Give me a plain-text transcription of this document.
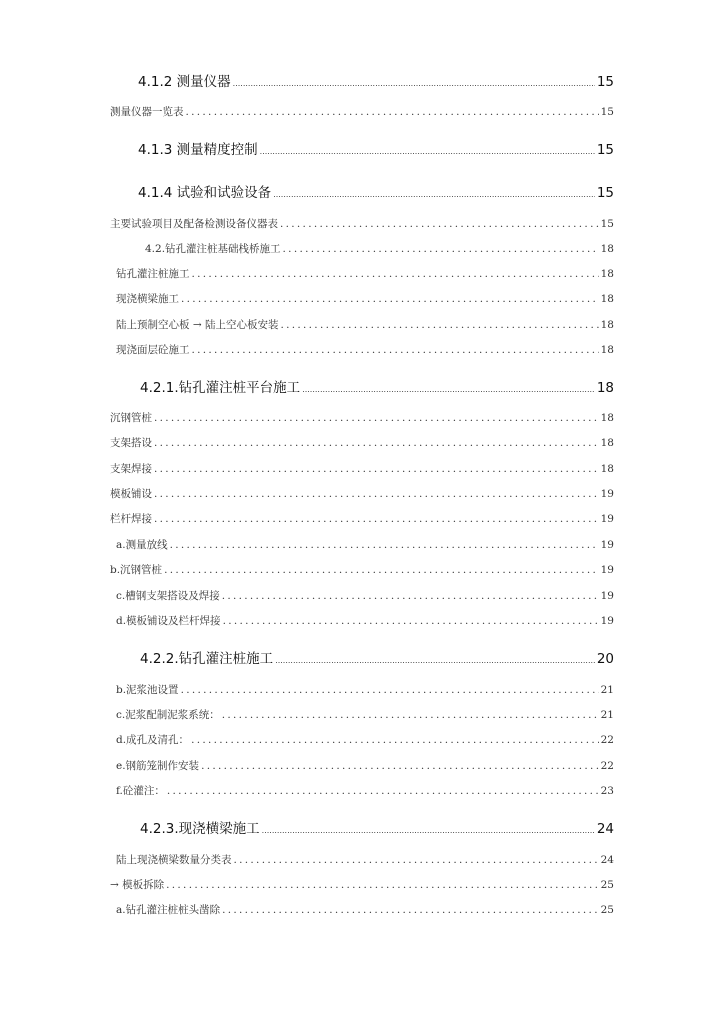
4.1.2 测量仪器 .....	15
测量仪器一览表 .....	15
4.1.3 测量精度控制 .....	15
4.1.4 试验和试验设备 .....	15
主要试验项目及配备检测设备仪器表 .....	15
4.2.钻孔灌注桩基础栈桥施工 .....	18
钻孔灌注桩施工 .....	18
现浇横梁施工 .....	18
陆上预制空心板 → 陆上空心板安装 .....	18
现浇面层砼施工 .....	18
4.2.1.钻孔灌注桩平台施工 .....	18
沉钢管桩 .....	18
支架搭设 .....	18
支架焊接 .....	18
模板铺设 .....	19
栏杆焊接 .....	19
a.测量放线 .....	19
b.沉钢管桩 .....	19
c.槽钢支架搭设及焊接 .....	19
d.模板铺设及栏杆焊接 .....	19
4.2.2.钻孔灌注桩施工 .....	20
b.泥浆池设置 .....	21
c.泥浆配制泥浆系统： .....	21
d.成孔及清孔： .....	22
e.钢筋笼制作安装 .....	22
f.砼灌注： .....	23
4.2.3.现浇横梁施工 .....	24
陆上现浇横梁数量分类表 .....	24
→ 模板拆除 .....	25
a.钻孔灌注桩桩头凿除 .....	25
